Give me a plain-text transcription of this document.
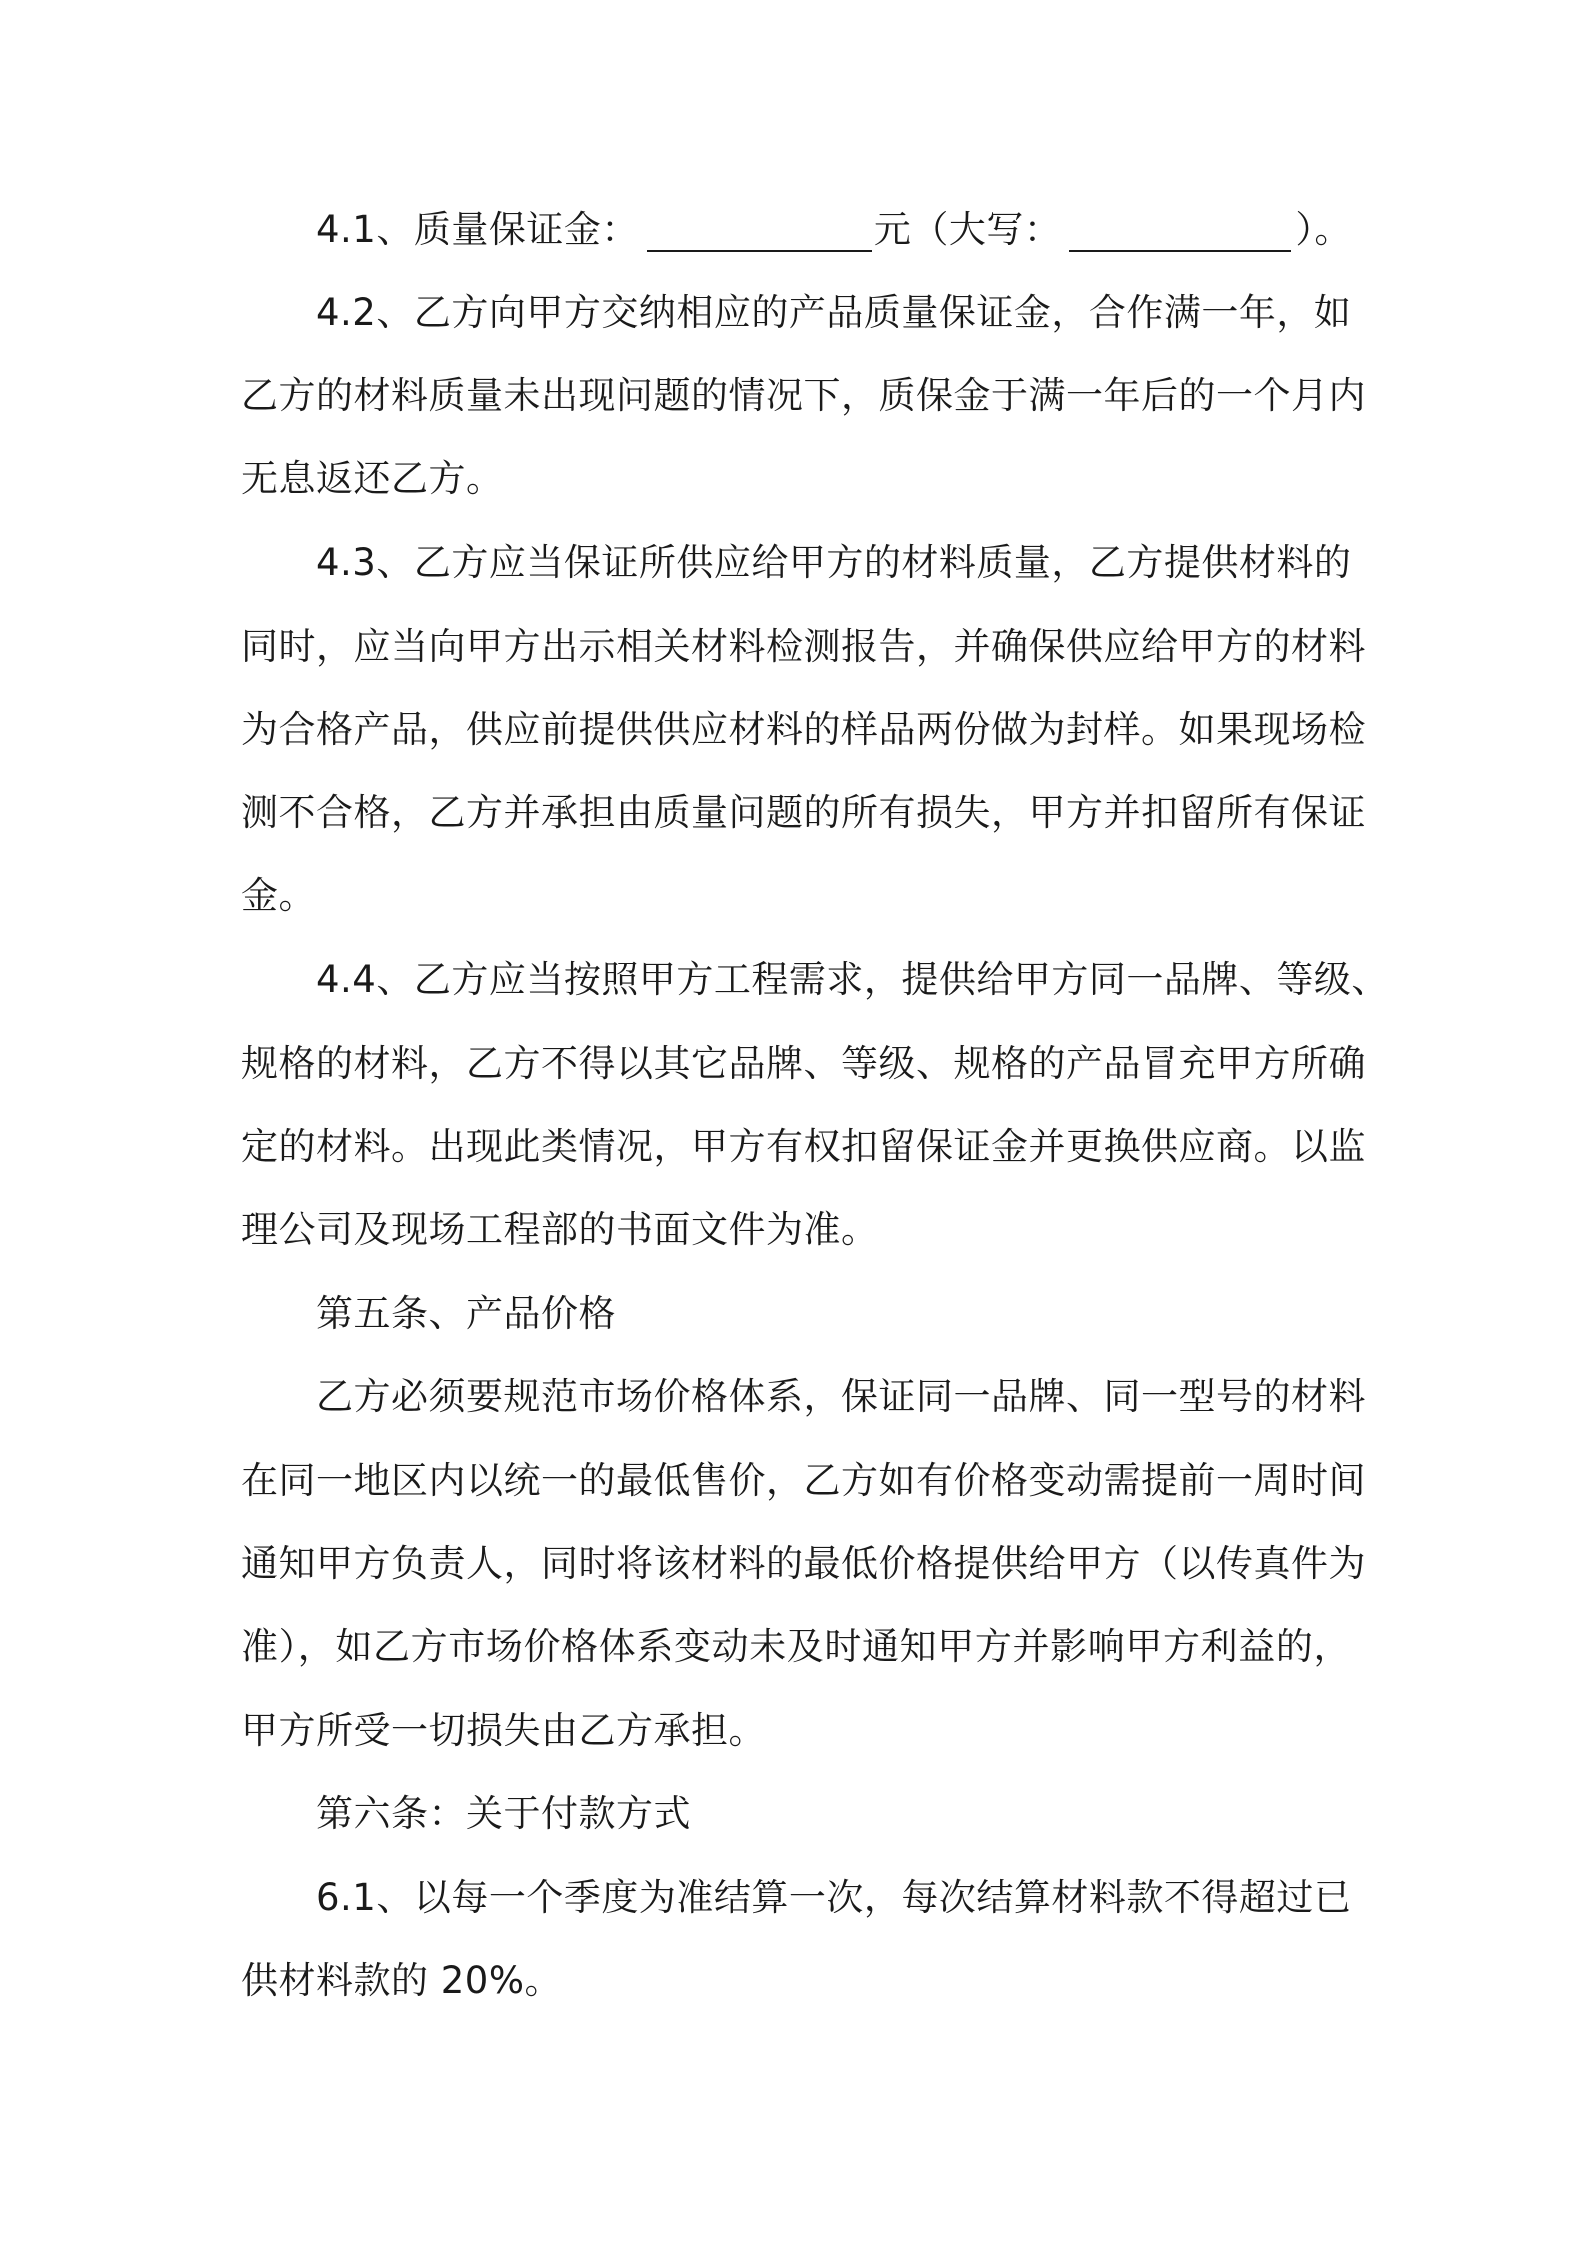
4.1、质量保证金：	元（大写：	）。
4.2、乙方向甲方交纳相应的产品质量保证金，合作满一年，如
乙方的材料质量未出现问题的情况下，质保金于满一年后的一个月内
无息返还乙方。
4.3、乙方应当保证所供应给甲方的材料质量，乙方提供材料的
同时，应当向甲方出示相关材料检测报告，并确保供应给甲方的材料
为合格产品，供应前提供供应材料的样品两份做为封样。如果现场检
测不合格，乙方并承担由质量问题的所有损失，甲方并扣留所有保证
金。
4.4、乙方应当按照甲方工程需求，提供给甲方同一品牌、等级、
规格的材料，乙方不得以其它品牌、等级、规格的产品冒充甲方所确
定的材料。出现此类情况，甲方有权扣留保证金并更换供应商。以监
理公司及现场工程部的书面文件为准。
第五条、产品价格
乙方必须要规范市场价格体系，保证同一品牌、同一型号的材料
在同一地区内以统一的最低售价，乙方如有价格变动需提前一周时间
通知甲方负责人，同时将该材料的最低价格提供给甲方（以传真件为
准），如乙方市场价格体系变动未及时通知甲方并影响甲方利益的，
甲方所受一切损失由乙方承担。
第六条：关于付款方式
6.1、以每一个季度为准结算一次，每次结算材料款不得超过已
供材料款的 20%。
